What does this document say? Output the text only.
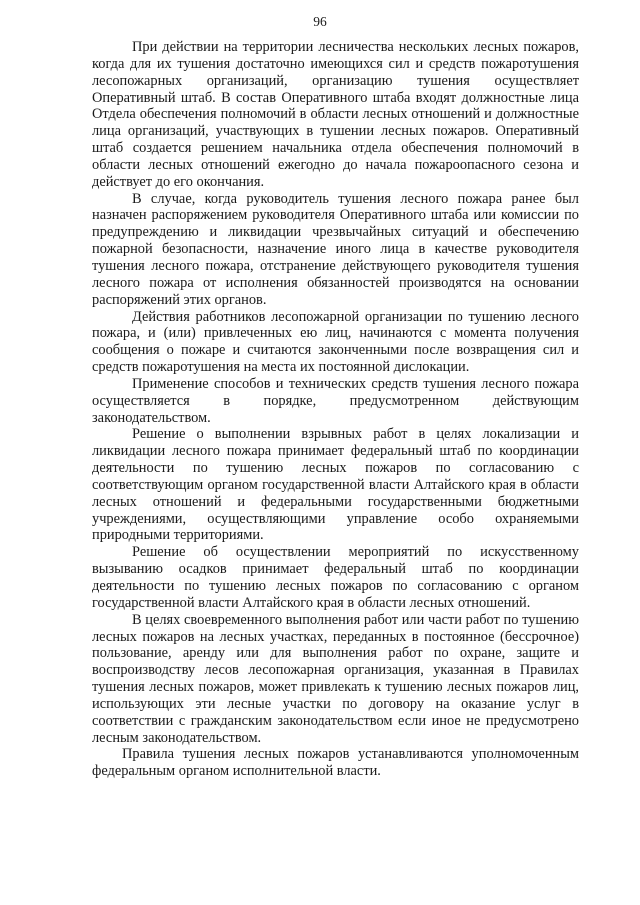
96

При действии на территории лесничества нескольких лесных пожаров, когда для их тушения достаточно имеющихся сил и средств пожаротушения лесопожарных организаций, организацию тушения осуществляет Оперативный штаб. В состав Оперативного штаба входят должностные лица Отдела обеспечения полномочий в области лесных отношений и должностные лица организаций, участвующих в тушении лесных пожаров. Оперативный штаб создается решением начальника отдела обеспечения полномочий в области лесных отношений ежегодно до начала пожароопасного сезона и действует до его окончания.

В случае, когда руководитель тушения лесного пожара ранее был назначен распоряжением руководителя Оперативного штаба или комиссии по предупреждению и ликвидации чрезвычайных ситуаций и обеспечению пожарной безопасности, назначение иного лица в качестве руководителя тушения лесного пожара, отстранение действующего руководителя тушения лесного пожара от исполнения обязанностей производятся на основании распоряжений этих органов.

Действия работников лесопожарной организации по тушению лесного пожара, и (или) привлеченных ею лиц, начинаются с момента получения сообщения о пожаре и считаются законченными после возвращения сил и средств пожаротушения на места их постоянной дислокации.

Применение способов и технических средств тушения лесного пожара осуществляется в порядке, предусмотренном действующим законодательством.

Решение о выполнении взрывных работ в целях локализации и ликвидации лесного пожара принимает федеральный штаб по координации деятельности по тушению лесных пожаров по согласованию с соответствующим органом государственной власти Алтайского края в области лесных отношений и федеральными государственными бюджетными учреждениями, осуществляющими управление особо охраняемыми природными территориями.

Решение об осуществлении мероприятий по искусственному вызыванию осадков принимает федеральный штаб по координации деятельности по тушению лесных пожаров по согласованию с органом государственной власти Алтайского края в области лесных отношений.

В целях своевременного выполнения работ или части работ по тушению лесных пожаров на лесных участках, переданных в постоянное (бессрочное) пользование, аренду или для выполнения работ по охране, защите и воспроизводству лесов лесопожарная организация, указанная в Правилах тушения лесных пожаров, может привлекать к тушению лесных пожаров лиц, использующих эти лесные участки по договору на оказание услуг в соответствии с гражданским законодательством если иное не предусмотрено лесным законодательством.

Правила тушения лесных пожаров устанавливаются уполномоченным федеральным органом исполнительной власти.
